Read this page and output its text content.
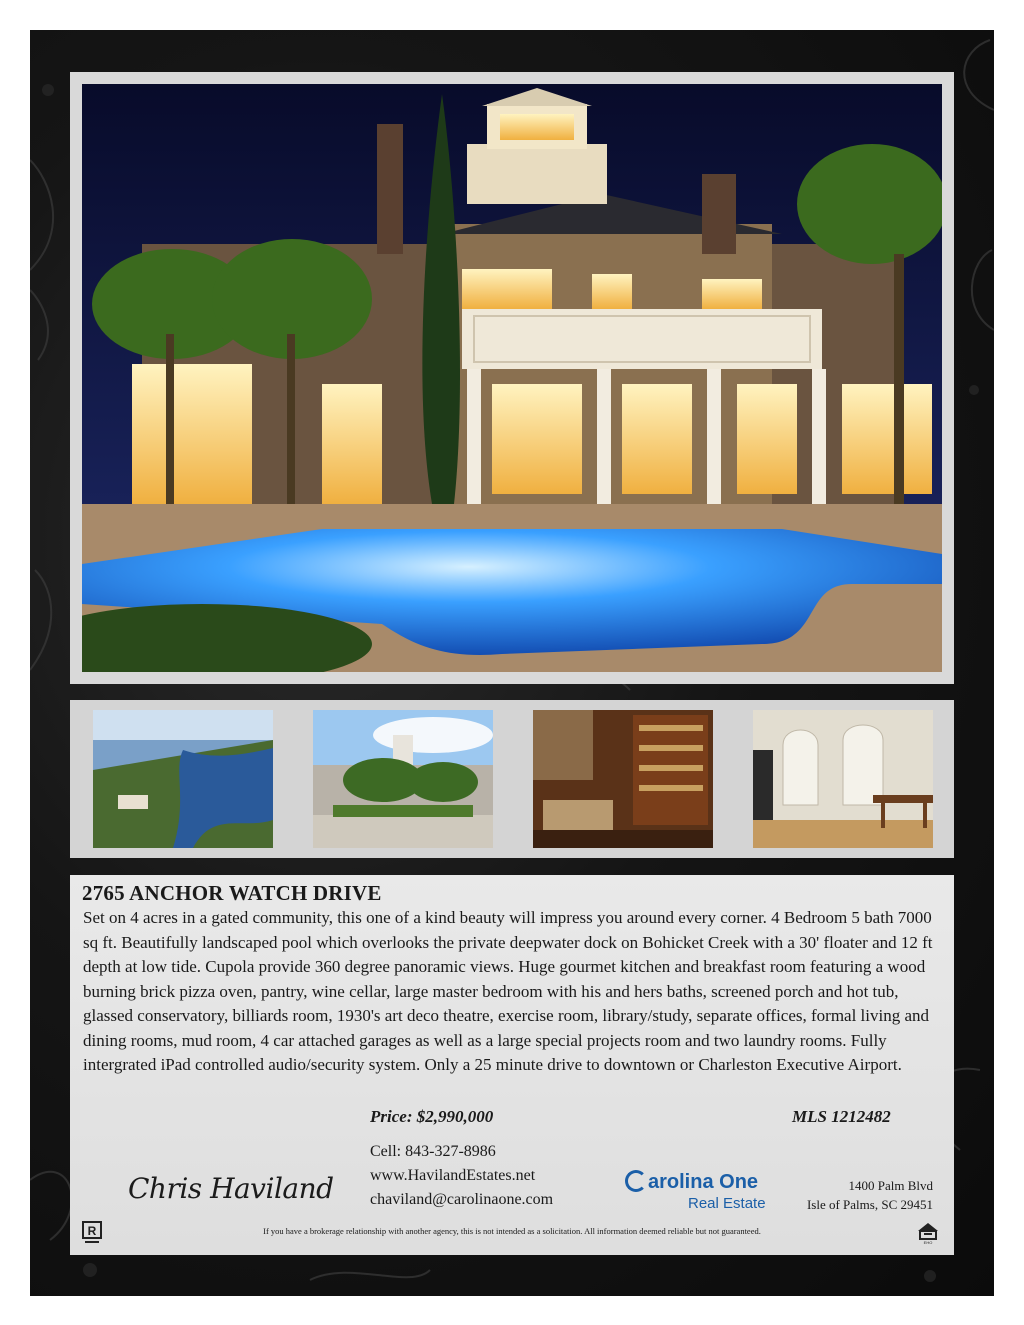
2765 ANCHOR WATCH DRIVE

Set on 4 acres in a gated community, this one of a kind beauty will impress you around every corner. 4 Bedroom 5 bath 7000 sq ft. Beautifully landscaped pool which overlooks the private deepwater dock on Bohicket Creek with a 30' floater and 12 ft depth at low tide. Cupola provide 360 degree panoramic views. Huge gourmet kitchen and breakfast room featuring a wood burning brick pizza oven, pantry, wine cellar, large master bedroom with his and hers baths, screened porch and hot tub, glassed conservatory, billiards room, 1930's art deco theatre, exercise room, library/study, separate offices, formal living and dining rooms, mud room, 4 car attached garages as well as a large special projects room and two laundry rooms. Fully intergrated iPad controlled audio/security system. Only a 25 minute drive to downtown or Charleston Executive Airport.

Price: $2,990,000	MLS 1212482
Cell: 843-327-8986
www.HavilandEstates.net
chaviland@carolinaone.com
Chris Haviland	arolina One
Real Estate
1400 Palm Blvd
Isle of Palms, SC 29451
R	If you have a brokerage relationship with another agency, this is not intended as a solicitation. All information deemed reliable but not guaranteed.
EHO
